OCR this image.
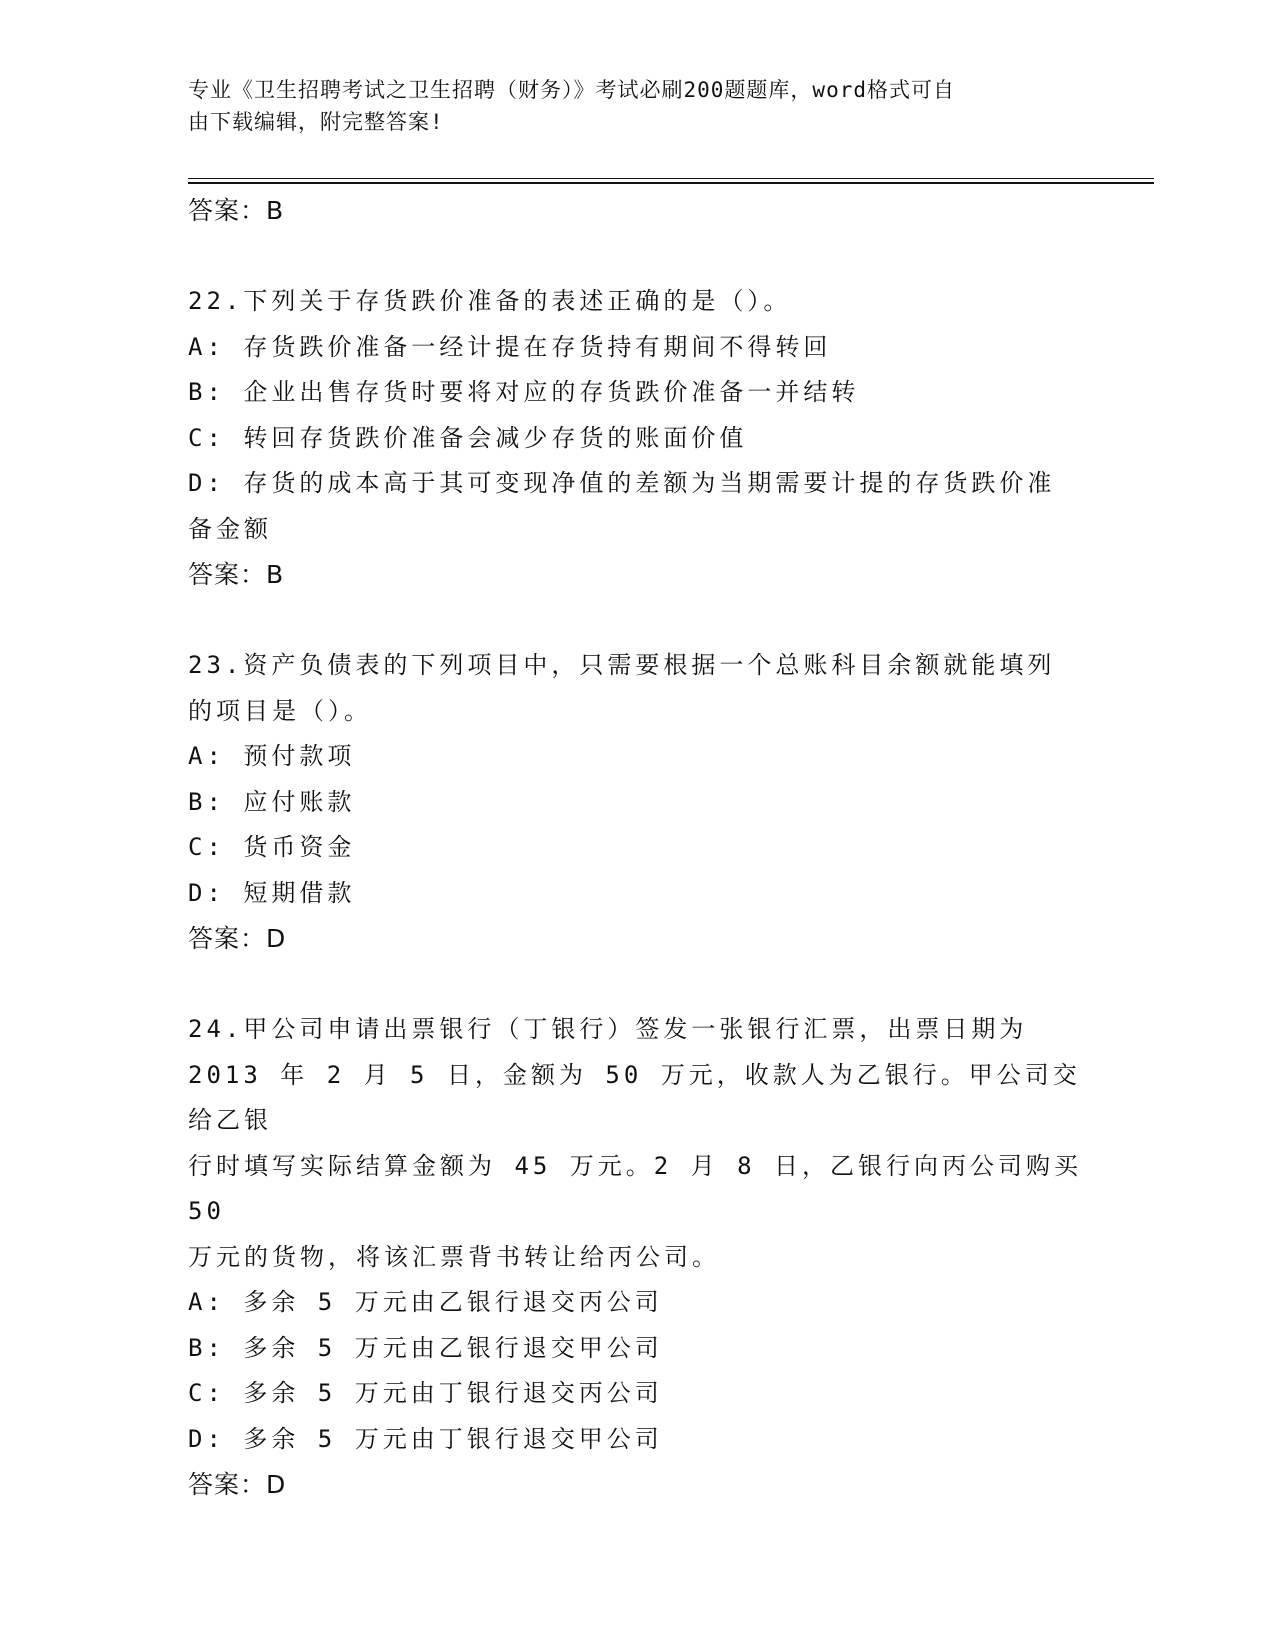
专业《卫生招聘考试之卫生招聘（财务）》考试必刷200题题库，word格式可自
由下载编辑，附完整答案!

答案：B

22.下列关于存货跌价准备的表述正确的是（）。

A: 存货跌价准备一经计提在存货持有期间不得转回

B: 企业出售存货时要将对应的存货跌价准备一并结转

C: 转回存货跌价准备会减少存货的账面价值

D: 存货的成本高于其可变现净值的差额为当期需要计提的存货跌价准

备金额

答案：B

23.资产负债表的下列项目中，只需要根据一个总账科目余额就能填列

的项目是（）。

A: 预付款项

B: 应付账款

C: 货币资金

D: 短期借款

答案：D

24.甲公司申请出票银行（丁银行）签发一张银行汇票，出票日期为

2013 年 2 月 5 日，金额为 50 万元，收款人为乙银行。甲公司交给乙银

行时填写实际结算金额为 45 万元。2 月 8 日，乙银行向丙公司购买 50

万元的货物，将该汇票背书转让给丙公司。

A: 多余 5 万元由乙银行退交丙公司

B: 多余 5 万元由乙银行退交甲公司

C: 多余 5 万元由丁银行退交丙公司

D: 多余 5 万元由丁银行退交甲公司

答案：D
